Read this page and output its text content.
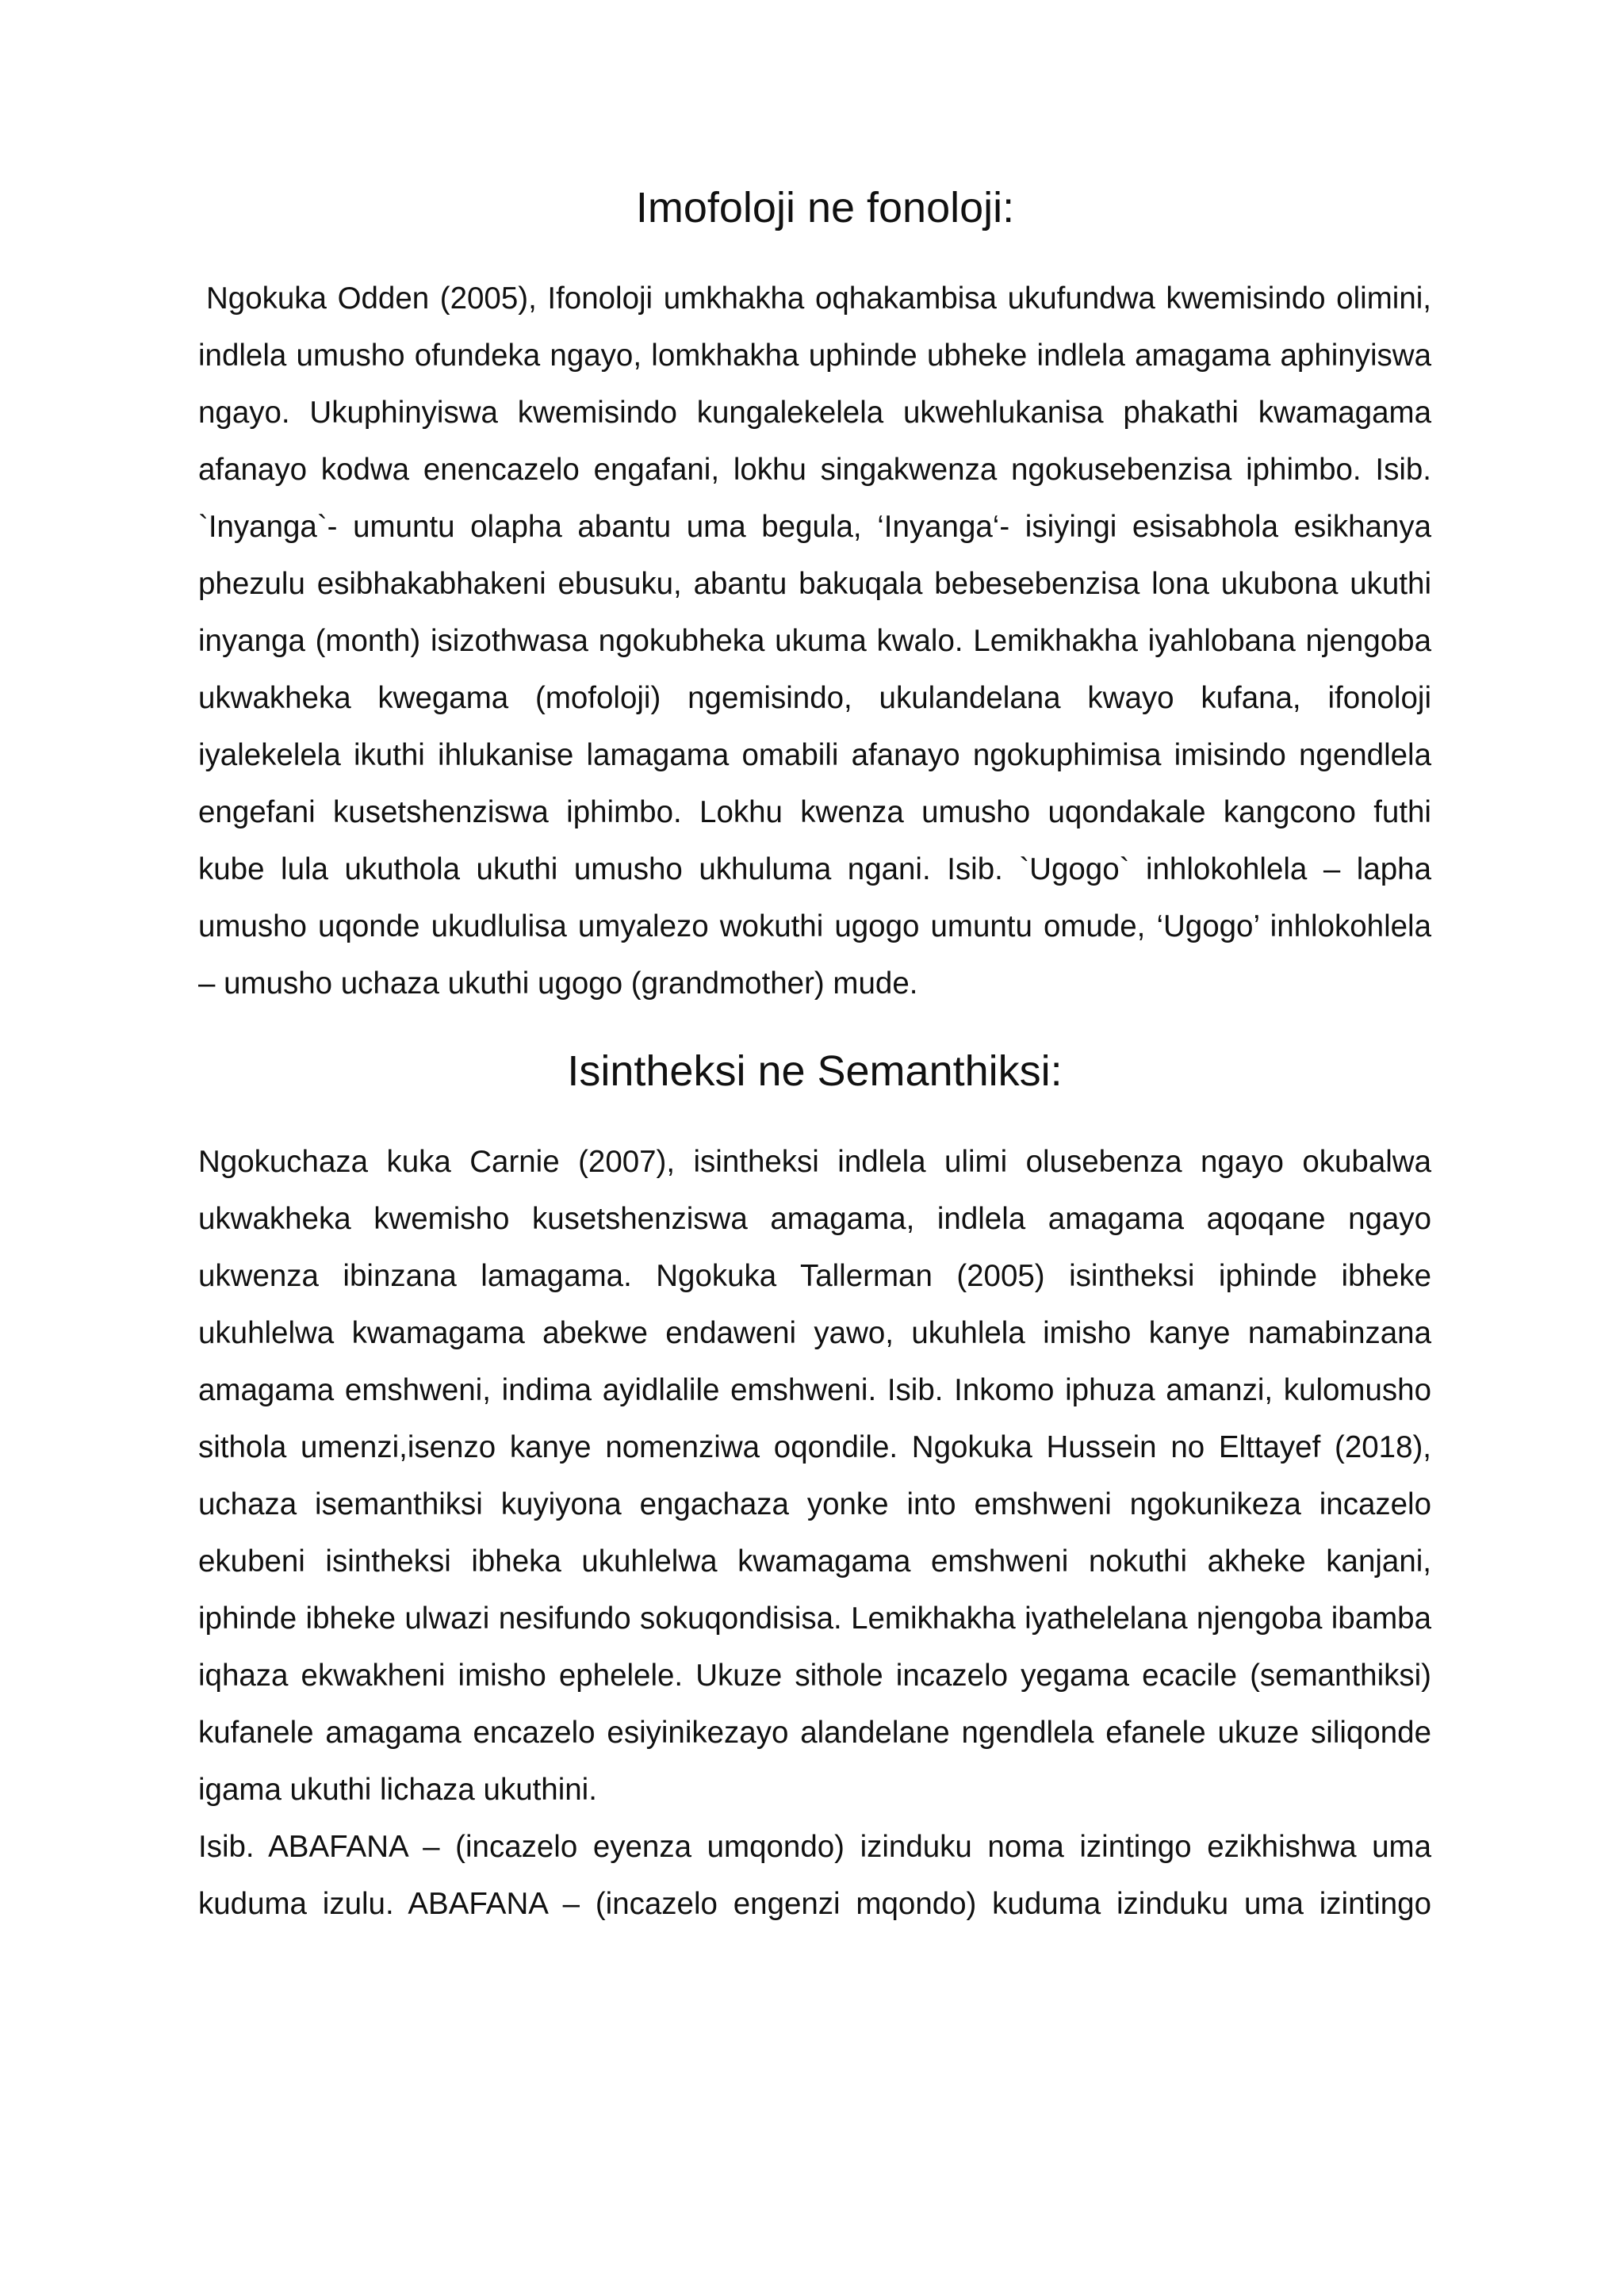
Imofoloji ne fonoloji:

Ngokuka Odden (2005), Ifonoloji umkhakha oqhakambisa ukufundwa kwemisindo olimini, indlela umusho ofundeka ngayo, lomkhakha uphinde ubheke indlela amagama aphinyiswa ngayo. Ukuphinyiswa kwemisindo kungalekelela ukwehlukanisa phakathi kwamagama afanayo kodwa enencazelo engafani, lokhu singakwenza ngokusebenzisa iphimbo. Isib. `Inyanga`- umuntu olapha abantu uma begula, ‘Inyanga‘- isiyingi esisabhola esikhanya phezulu esibhakabhakeni ebusuku, abantu bakuqala bebesebenzisa lona ukubona ukuthi inyanga (month) isizothwasa ngokubheka ukuma kwalo. Lemikhakha iyahlobana njengoba ukwakheka kwegama (mofoloji) ngemisindo, ukulandelana kwayo kufana, ifonoloji iyalekelela ikuthi ihlukanise lamagama omabili afanayo ngokuphimisa imisindo ngendlela engefani kusetshenziswa iphimbo. Lokhu kwenza umusho uqondakale kangcono futhi kube lula ukuthola ukuthi umusho ukhuluma ngani. Isib. `Ugogo` inhlokohlela – lapha umusho uqonde ukudlulisa umyalezo wokuthi ugogo umuntu omude, ‘Ugogo’ inhlokohlela – umusho uchaza ukuthi ugogo (grandmother) mude.

Isintheksi ne Semanthiksi:

Ngokuchaza kuka Carnie (2007), isintheksi indlela ulimi olusebenza ngayo okubalwa ukwakheka kwemisho kusetshenziswa amagama, indlela amagama aqoqane ngayo ukwenza ibinzana lamagama. Ngokuka Tallerman (2005) isintheksi iphinde ibheke ukuhlelwa kwamagama abekwe endaweni yawo, ukuhlela imisho kanye namabinzana amagama emshweni, indima ayidlalile emshweni. Isib. Inkomo iphuza amanzi, kulomusho sithola umenzi,isenzo kanye nomenziwa oqondile. Ngokuka Hussein no Elttayef (2018), uchaza isemanthiksi kuyiyona engachaza yonke into emshweni ngokunikeza incazelo ekubeni isintheksi ibheka ukuhlelwa kwamagama emshweni nokuthi akheke kanjani, iphinde ibheke ulwazi nesifundo sokuqondisisa. Lemikhakha iyathelelana njengoba ibamba iqhaza ekwakheni imisho ephelele. Ukuze sithole incazelo yegama ecacile (semanthiksi) kufanele amagama encazelo esiyinikezayo alandelane ngendlela efanele ukuze siliqonde igama ukuthi lichaza ukuthini.

Isib. ABAFANA – (incazelo eyenza umqondo) izinduku noma izintingo ezikhishwa uma kuduma izulu. ABAFANA – (incazelo engenzi mqondo) kuduma izinduku uma izintingo
